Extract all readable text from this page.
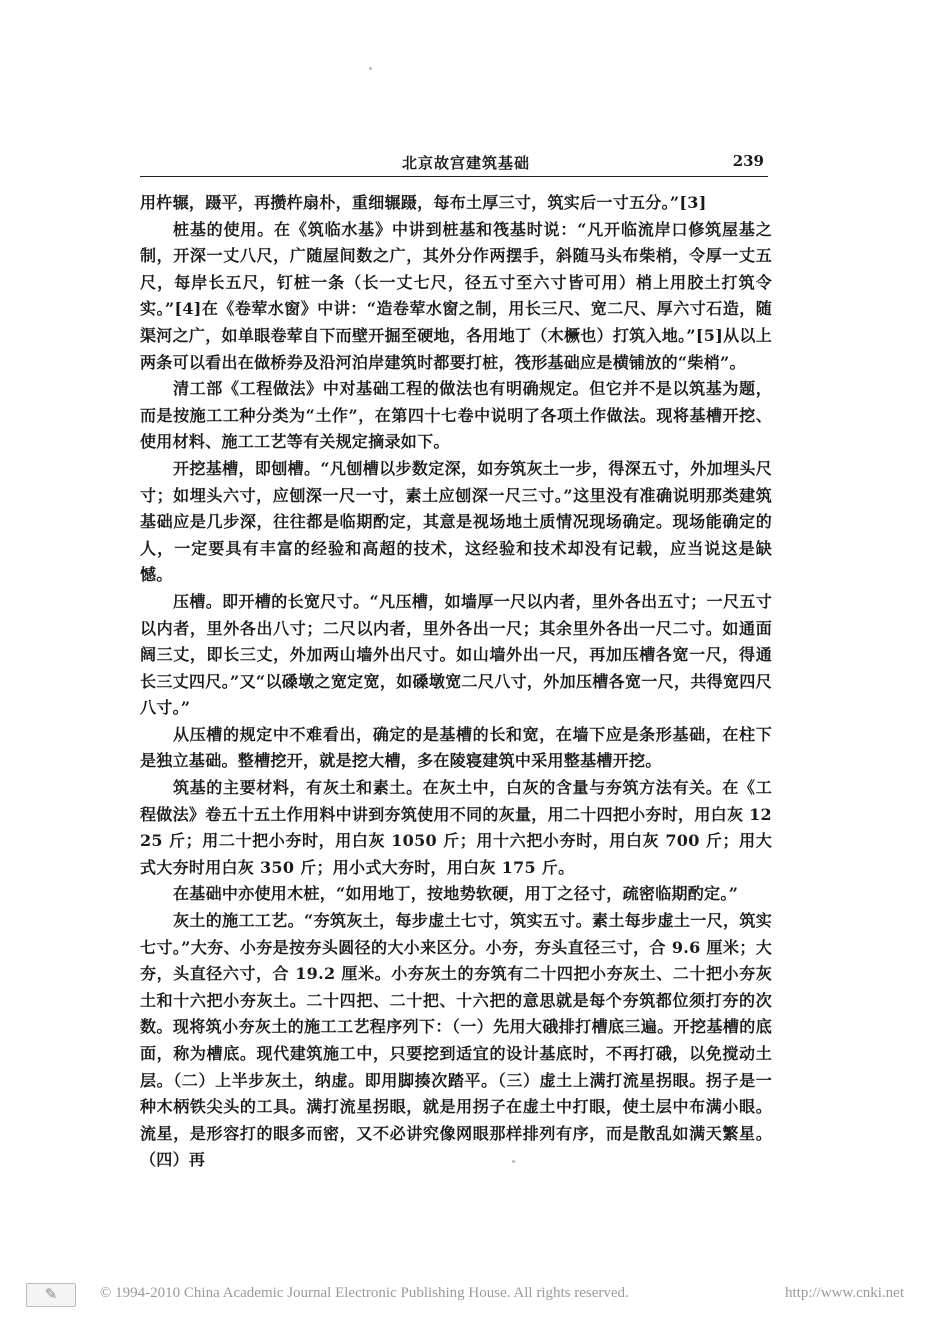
北京故宫建筑基础	239

用杵辗，蹑平，再攒杵扇朴，重细辗蹑，每布土厚三寸，筑实后一寸五分。”[3]

桩基的使用。在《筑临水基》中讲到桩基和筏基时说：“凡开临流岸口修筑屋基之制，开深一丈八尺，广随屋间数之广，其外分作两摆手，斜随马头布柴梢，令厚一丈五尺，每岸长五尺，钉桩一条（长一丈七尺，径五寸至六寸皆可用）梢上用胶土打筑令实。”[4]在《卷荤水窗》中讲：“造卷荤水窗之制，用长三尺、宽二尺、厚六寸石造，随渠河之广，如单眼卷荤自下而壁开掘至硬地，各用地丁（木橛也）打筑入地。”[5]从以上两条可以看出在做桥券及沿河泊岸建筑时都要打桩，筏形基础应是横铺放的“柴梢”。

清工部《工程做法》中对基础工程的做法也有明确规定。但它并不是以筑基为题，而是按施工工种分类为“土作”，在第四十七卷中说明了各项土作做法。现将基槽开挖、使用材料、施工工艺等有关规定摘录如下。

开挖基槽，即刨槽。“凡刨槽以步数定深，如夯筑灰土一步，得深五寸，外加埋头尺寸；如埋头六寸，应刨深一尺一寸，素土应刨深一尺三寸。”这里没有准确说明那类建筑基础应是几步深，往往都是临期酌定，其意是视场地土质情况现场确定。现场能确定的人，一定要具有丰富的经验和高超的技术，这经验和技术却没有记载，应当说这是缺憾。

压槽。即开槽的长宽尺寸。“凡压槽，如墙厚一尺以内者，里外各出五寸；一尺五寸以内者，里外各出八寸；二尺以内者，里外各出一尺；其余里外各出一尺二寸。如通面阔三丈，即长三丈，外加两山墙外出尺寸。如山墙外出一尺，再加压槽各宽一尺，得通长三丈四尺。”又“以磉墩之宽定宽，如磉墩宽二尺八寸，外加压槽各宽一尺，共得宽四尺八寸。”

从压槽的规定中不难看出，确定的是基槽的长和宽，在墙下应是条形基础，在柱下是独立基础。整槽挖开，就是挖大槽，多在陵寝建筑中采用整基槽开挖。

筑基的主要材料，有灰土和素土。在灰土中，白灰的含量与夯筑方法有关。在《工程做法》卷五十五土作用料中讲到夯筑使用不同的灰量，用二十四把小夯时，用白灰 1225 斤；用二十把小夯时，用白灰 1050 斤；用十六把小夯时，用白灰 700 斤；用大式大夯时用白灰 350 斤；用小式大夯时，用白灰 175 斤。

在基础中亦使用木桩，“如用地丁，按地势软硬，用丁之径寸，疏密临期酌定。”

灰土的施工工艺。“夯筑灰土，每步虚土七寸，筑实五寸。素土每步虚土一尺，筑实七寸。”大夯、小夯是按夯头圆径的大小来区分。小夯，夯头直径三寸，合 9.6 厘米；大夯，头直径六寸，合 19.2 厘米。小夯灰土的夯筑有二十四把小夯灰土、二十把小夯灰土和十六把小夯灰土。二十四把、二十把、十六把的意思就是每个夯筑都位须打夯的次数。现将筑小夯灰土的施工工艺程序列下：（一）先用大硪排打槽底三遍。开挖基槽的底面，称为槽底。现代建筑施工中，只要挖到适宜的设计基底时，不再打硪，以免搅动土层。（二）上半步灰土，纳虚。即用脚揍次踏平。（三）虚土上满打流星拐眼。拐子是一种木柄铁尖头的工具。满打流星拐眼，就是用拐子在虚土中打眼，使土层中布满小眼。流星，是形容打的眼多而密，又不必讲究像网眼那样排列有序，而是散乱如满天繁星。（四）再

✎	© 1994-2010 China Academic Journal Electronic Publishing House. All rights reserved.	http://www.cnki.net
